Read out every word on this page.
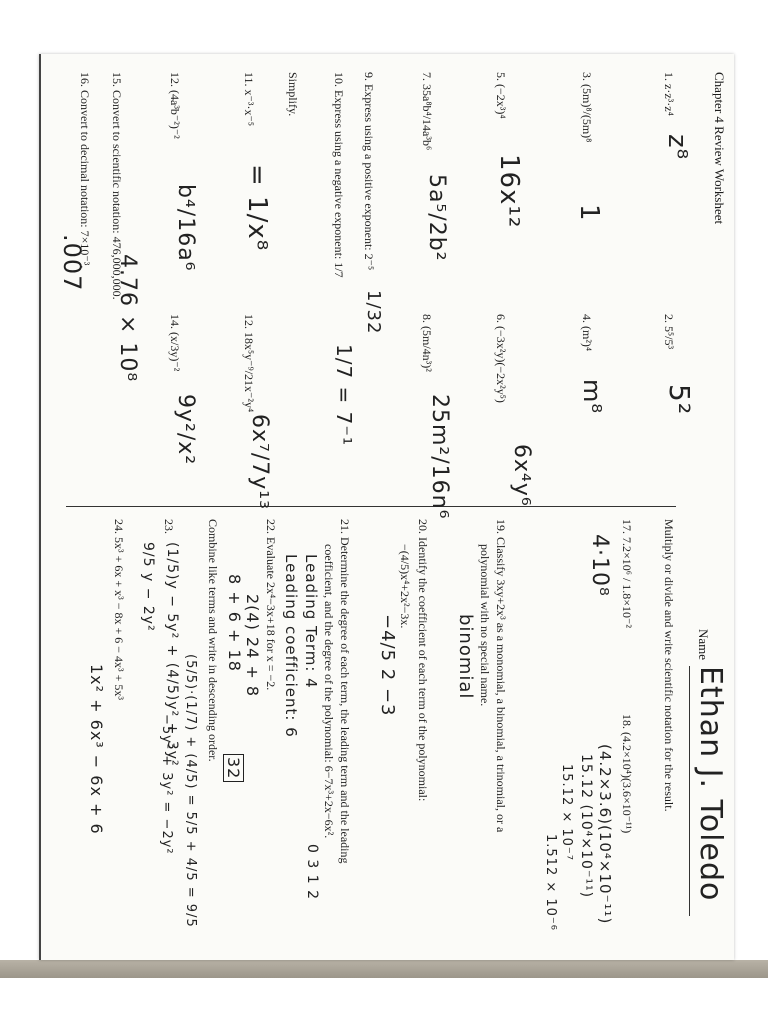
Chapter 4 Review Worksheet
Name
Ethan J. Toledo
1. z·z³·z⁴
z⁸
2. 5⁵/5³
5²
3. (5m)⁸/(5m)⁸
1
4. (m²)⁴
m⁸
5. (−2x³)⁴
16x¹²
6. (−3x²y)(−2x²y⁵)
6x⁴y⁶
7. 35a⁸b⁴/14a³b⁶
5a⁵/2b²
8. (5m/4n³)²
25m²/16n⁶
9. Express using a positive exponent: 2⁻⁵
1/32
10. Express using a negative exponent: 1/7
1/7 = 7⁻¹
Simplify.
11. x⁻³·x⁻⁵
= 1/x⁸
12. 18x⁵y⁻⁹/21x⁻²y⁴
6x⁷/7y¹³
12. (4a³b⁻²)⁻²
b⁴/16a⁶
14. (x/3y)⁻²
9y²/x²
15. Convert to scientific notation: 476,000,000.
4.76 × 10⁸
16. Convert to decimal notation: 7×10⁻³.
.007
Multiply or divide and write scientific notation for the result.
17. 7.2×10⁶ / 1.8×10⁻²
4·10⁸
18. (4.2×10⁴)(3.6×10⁻¹¹)
(4.2×3.6)(10⁴×10⁻¹¹)
15.12 (10⁴×10⁻¹¹)
15.12 × 10⁻⁷
1.512 × 10⁻⁶
19. Classify 3xy+2x³ as a monomial, a binomial, a trinomial, or a
polynomial with no special name.
binomial
20. Identify the coefficient of each term of the polynomial:
−(4/5)x⁴+2x²−3x.
−4/5 2 −3
21. Determine the degree of each term, the leading term and the leading
coefficient, and the degree of the polynomial: 6−7x³+2x−6x².
0 3 1 2
Leading Term: 4
Leading coefficient: 6
22. Evaluate 2x⁴−3x+18 for x = −2.
2(4) 24 + 8
8 + 6 + 18
32
Combine like terms and write in descending order.
23.
(1/5)y − 5y² + (4/5)y² + 3y² (5/5)·(1/7) + (4/5) = 5/5 + 4/5 = 9/5
−5y² + 3y² = −2y²
9/5 y − 2y²
24. 5x³ + 6x + x³ − 8x + 6 − 4x³ + 5x³
1x² + 6x³ − 6x + 6
